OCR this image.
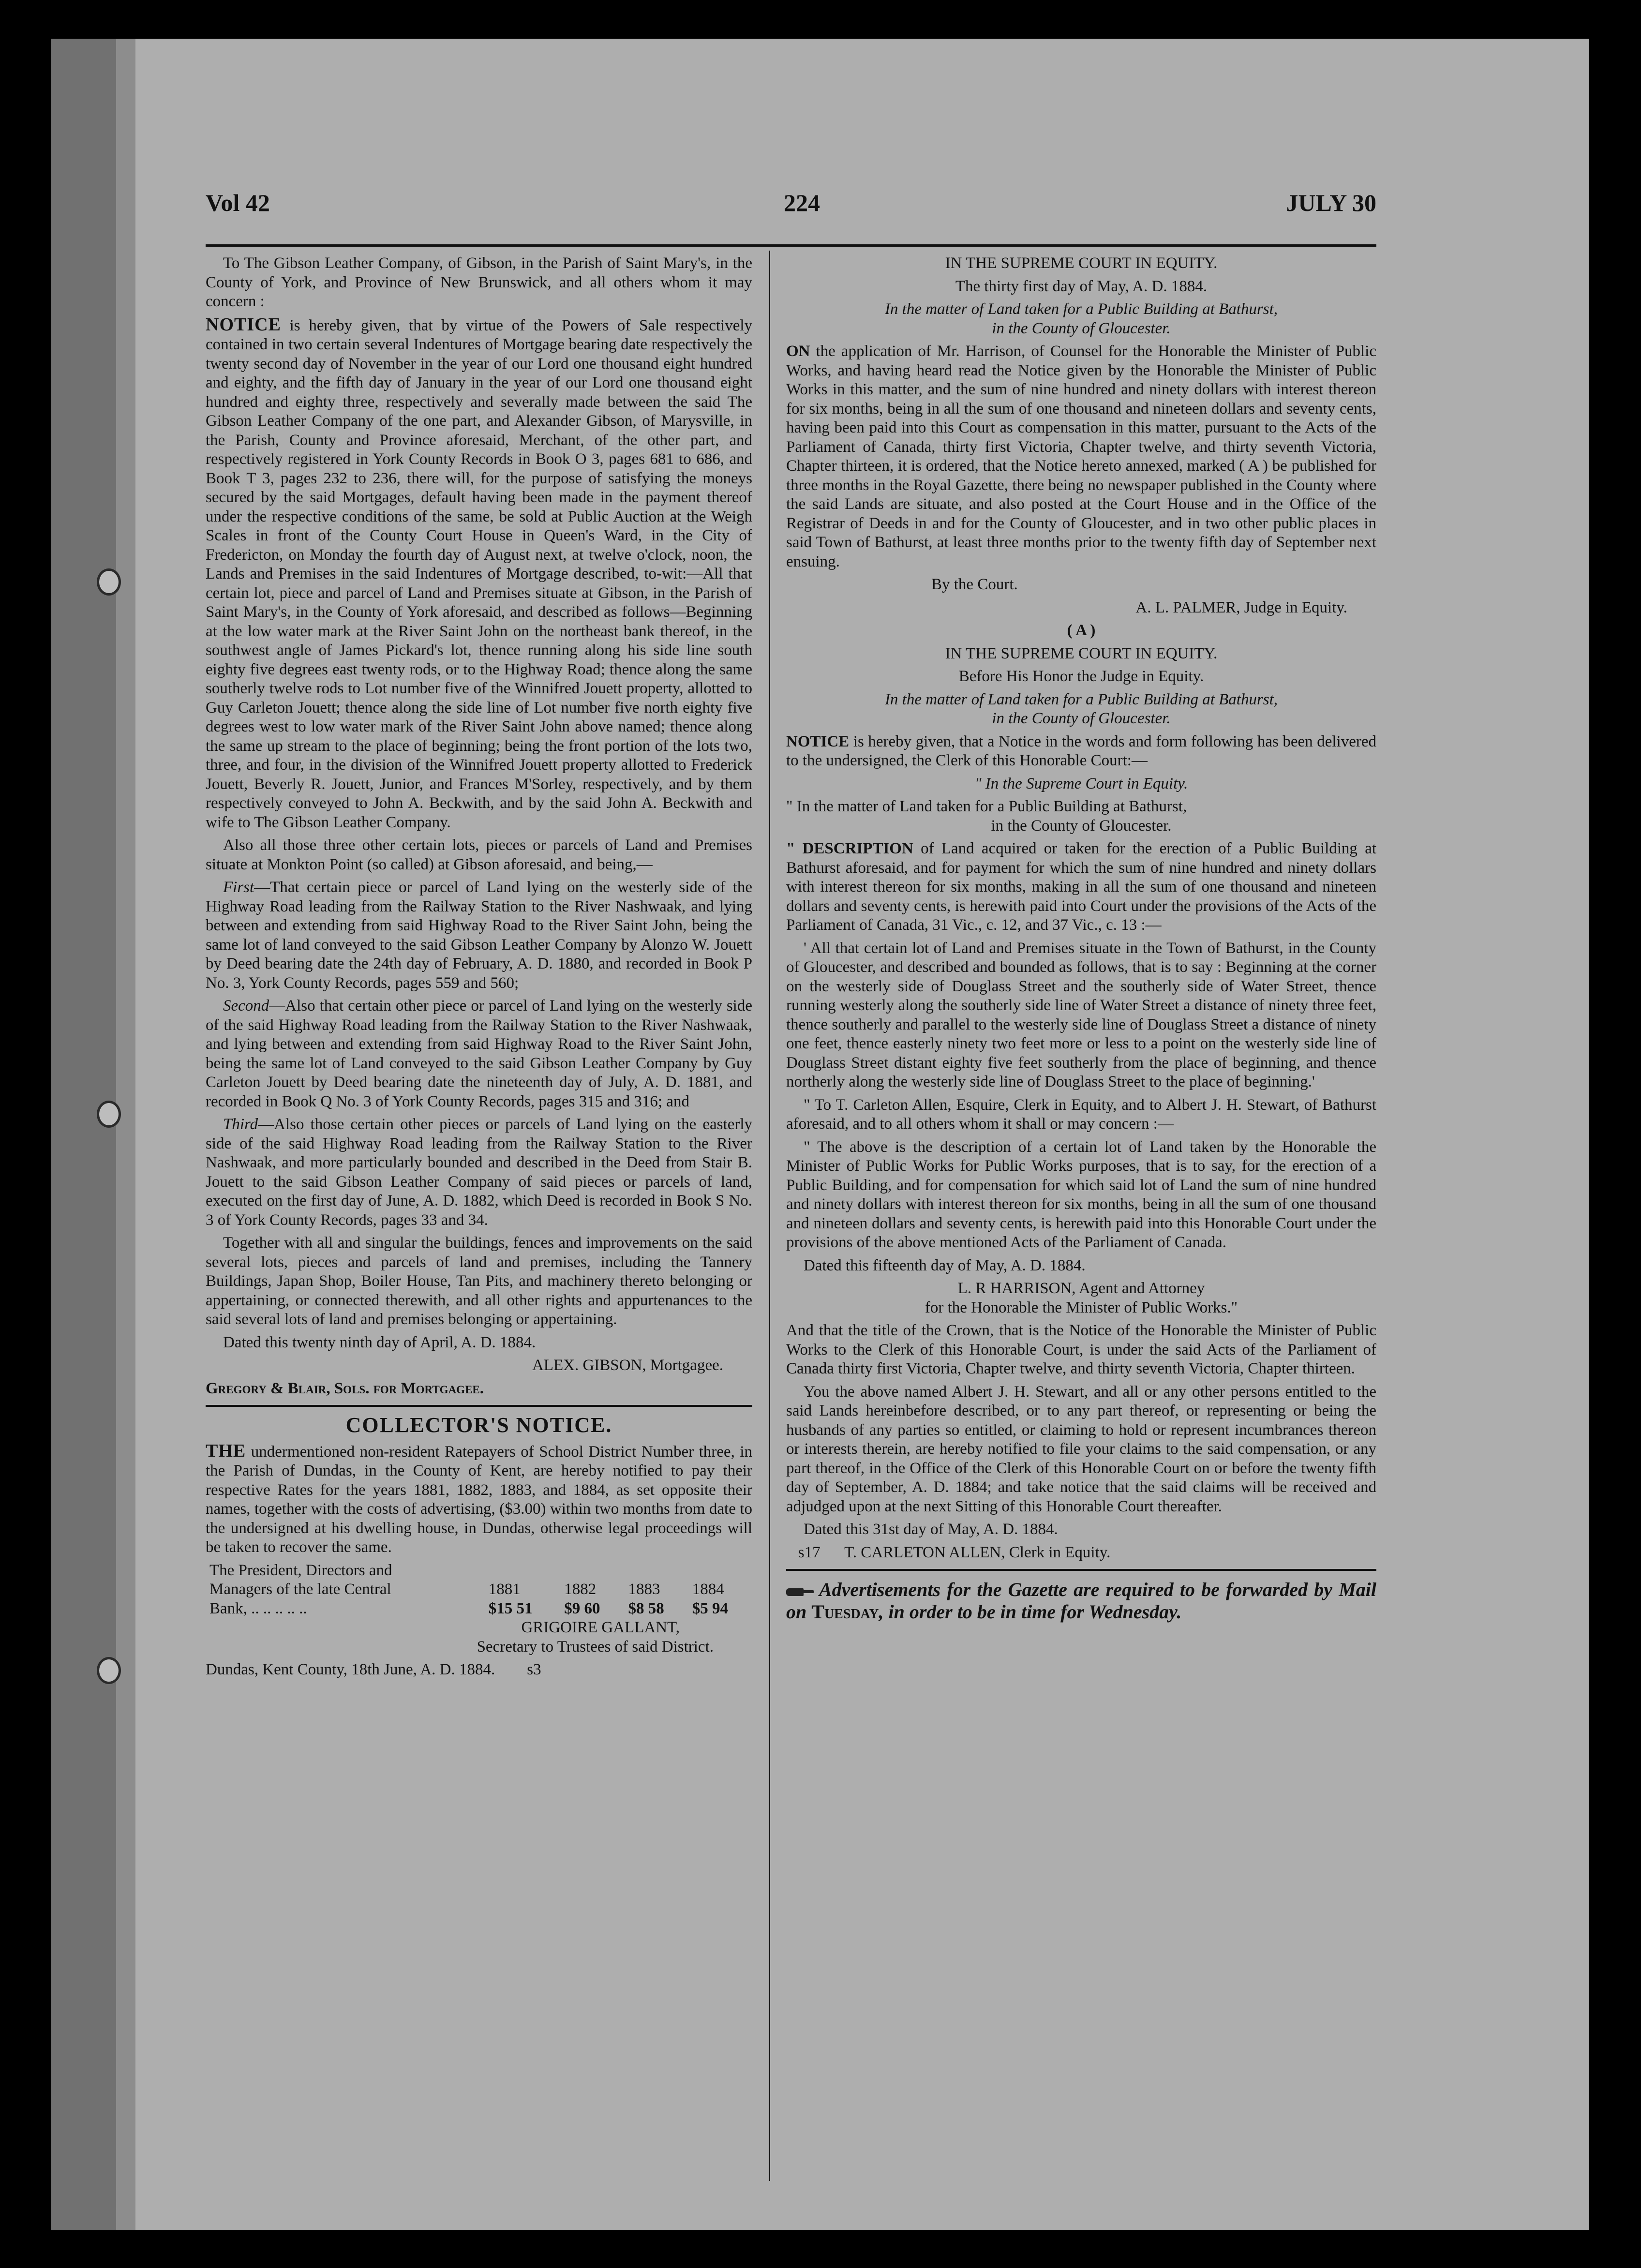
Vol 42	224	JULY 30

To The Gibson Leather Company, of Gibson, in the Parish of Saint Mary's, in the County of York, and Province of New Brunswick, and all others whom it may concern :

NOTICE is hereby given, that by virtue of the Powers of Sale respectively contained in two certain several Indentures of Mortgage bearing date respectively the twenty second day of November in the year of our Lord one thousand eight hundred and eighty, and the fifth day of January in the year of our Lord one thousand eight hundred and eighty three, respectively and severally made between the said The Gibson Leather Company of the one part, and Alexander Gibson, of Marysville, in the Parish, County and Province aforesaid, Merchant, of the other part, and respectively registered in York County Records in Book O 3, pages 681 to 686, and Book T 3, pages 232 to 236, there will, for the purpose of satisfying the moneys secured by the said Mortgages, default having been made in the payment thereof under the respective conditions of the same, be sold at Public Auction at the Weigh Scales in front of the County Court House in Queen's Ward, in the City of Fredericton, on Monday the fourth day of August next, at twelve o'clock, noon, the Lands and Premises in the said Indentures of Mortgage described, to-wit:—All that certain lot, piece and parcel of Land and Premises situate at Gibson, in the Parish of Saint Mary's, in the County of York aforesaid, and described as follows—Beginning at the low water mark at the River Saint John on the northeast bank thereof, in the southwest angle of James Pickard's lot, thence running along his side line south eighty five degrees east twenty rods, or to the Highway Road; thence along the same southerly twelve rods to Lot number five of the Winnifred Jouett property, allotted to Guy Carleton Jouett; thence along the side line of Lot number five north eighty five degrees west to low water mark of the River Saint John above named; thence along the same up stream to the place of beginning; being the front portion of the lots two, three, and four, in the division of the Winnifred Jouett property allotted to Frederick Jouett, Beverly R. Jouett, Junior, and Frances M'Sorley, respectively, and by them respectively conveyed to John A. Beckwith, and by the said John A. Beckwith and wife to The Gibson Leather Company.

Also all those three other certain lots, pieces or parcels of Land and Premises situate at Monkton Point (so called) at Gibson aforesaid, and being,—

First—That certain piece or parcel of Land lying on the westerly side of the Highway Road leading from the Railway Station to the River Nashwaak, and lying between and extending from said Highway Road to the River Saint John, being the same lot of land conveyed to the said Gibson Leather Company by Alonzo W. Jouett by Deed bearing date the 24th day of February, A. D. 1880, and recorded in Book P No. 3, York County Records, pages 559 and 560;

Second—Also that certain other piece or parcel of Land lying on the westerly side of the said Highway Road leading from the Railway Station to the River Nashwaak, and lying between and extending from said Highway Road to the River Saint John, being the same lot of Land conveyed to the said Gibson Leather Company by Guy Carleton Jouett by Deed bearing date the nineteenth day of July, A. D. 1881, and recorded in Book Q No. 3 of York County Records, pages 315 and 316; and

Third—Also those certain other pieces or parcels of Land lying on the easterly side of the said Highway Road leading from the Railway Station to the River Nashwaak, and more particularly bounded and described in the Deed from Stair B. Jouett to the said Gibson Leather Company of said pieces or parcels of land, executed on the first day of June, A. D. 1882, which Deed is recorded in Book S No. 3 of York County Records, pages 33 and 34.

Together with all and singular the buildings, fences and improvements on the said several lots, pieces and parcels of land and premises, including the Tannery Buildings, Japan Shop, Boiler House, Tan Pits, and machinery thereto belonging or appertaining, or connected therewith, and all other rights and appurtenances to the said several lots of land and premises belonging or appertaining.

Dated this twenty ninth day of April, A. D. 1884.

ALEX. GIBSON, Mortgagee.

Gregory & Blair, Sols. for Mortgagee.

COLLECTOR'S NOTICE.

THE undermentioned non-resident Ratepayers of School District Number three, in the Parish of Dundas, in the County of Kent, are hereby notified to pay their respective Rates for the years 1881, 1882, 1883, and 1884, as set opposite their names, together with the costs of advertising, ($3.00) within two months from date to the undersigned at his dwelling house, in Dundas, otherwise legal proceedings will be taken to recover the same.

The President, Directors and				
Managers of the late Central	1881	1882	1883	1884
Bank, .. .. .. .. ..	$15 51	$9 60	$8 58	$5 94

GRIGOIRE GALLANT,

Secretary to Trustees of said District.

Dundas, Kent County, 18th June, A. D. 1884. s3

IN THE SUPREME COURT IN EQUITY.

The thirty first day of May, A. D. 1884.

In the matter of Land taken for a Public Building at Bathurst,

in the County of Gloucester.

ON the application of Mr. Harrison, of Counsel for the Honorable the Minister of Public Works, and having heard read the Notice given by the Honorable the Minister of Public Works in this matter, and the sum of nine hundred and ninety dollars with interest thereon for six months, being in all the sum of one thousand and nineteen dollars and seventy cents, having been paid into this Court as compensation in this matter, pursuant to the Acts of the Parliament of Canada, thirty first Victoria, Chapter twelve, and thirty seventh Victoria, Chapter thirteen, it is ordered, that the Notice hereto annexed, marked ( A ) be published for three months in the Royal Gazette, there being no newspaper published in the County where the said Lands are situate, and also posted at the Court House and in the Office of the Registrar of Deeds in and for the County of Gloucester, and in two other public places in said Town of Bathurst, at least three months prior to the twenty fifth day of September next ensuing.

By the Court.

A. L. PALMER, Judge in Equity.

( A )

IN THE SUPREME COURT IN EQUITY.

Before His Honor the Judge in Equity.

In the matter of Land taken for a Public Building at Bathurst,

in the County of Gloucester.

NOTICE is hereby given, that a Notice in the words and form following has been delivered to the undersigned, the Clerk of this Honorable Court:—

" In the Supreme Court in Equity.

" In the matter of Land taken for a Public Building at Bathurst,

in the County of Gloucester.

" DESCRIPTION of Land acquired or taken for the erection of a Public Building at Bathurst aforesaid, and for payment for which the sum of nine hundred and ninety dollars with interest thereon for six months, making in all the sum of one thousand and nineteen dollars and seventy cents, is herewith paid into Court under the provisions of the Acts of the Parliament of Canada, 31 Vic., c. 12, and 37 Vic., c. 13 :—

' All that certain lot of Land and Premises situate in the Town of Bathurst, in the County of Gloucester, and described and bounded as follows, that is to say : Beginning at the corner on the westerly side of Douglass Street and the southerly side of Water Street, thence running westerly along the southerly side line of Water Street a distance of ninety three feet, thence southerly and parallel to the westerly side line of Douglass Street a distance of ninety one feet, thence easterly ninety two feet more or less to a point on the westerly side line of Douglass Street distant eighty five feet southerly from the place of beginning, and thence northerly along the westerly side line of Douglass Street to the place of beginning.'

" To T. Carleton Allen, Esquire, Clerk in Equity, and to Albert J. H. Stewart, of Bathurst aforesaid, and to all others whom it shall or may concern :—

" The above is the description of a certain lot of Land taken by the Honorable the Minister of Public Works for Public Works purposes, that is to say, for the erection of a Public Building, and for compensation for which said lot of Land the sum of nine hundred and ninety dollars with interest thereon for six months, being in all the sum of one thousand and nineteen dollars and seventy cents, is herewith paid into this Honorable Court under the provisions of the above mentioned Acts of the Parliament of Canada.

Dated this fifteenth day of May, A. D. 1884.

L. R HARRISON, Agent and Attorney

for the Honorable the Minister of Public Works."

And that the title of the Crown, that is the Notice of the Honorable the Minister of Public Works to the Clerk of this Honorable Court, is under the said Acts of the Parliament of Canada thirty first Victoria, Chapter twelve, and thirty seventh Victoria, Chapter thirteen.

You the above named Albert J. H. Stewart, and all or any other persons entitled to the said Lands hereinbefore described, or to any part thereof, or representing or being the husbands of any parties so entitled, or claiming to hold or represent incumbrances thereon or interests therein, are hereby notified to file your claims to the said compensation, or any part thereof, in the Office of the Clerk of this Honorable Court on or before the twenty fifth day of September, A. D. 1884; and take notice that the said claims will be received and adjudged upon at the next Sitting of this Honorable Court thereafter.

Dated this 31st day of May, A. D. 1884.

s17 T. CARLETON ALLEN, Clerk in Equity.

Advertisements for the Gazette are required to be forwarded by Mail on Tuesday, in order to be in time for Wednesday.
